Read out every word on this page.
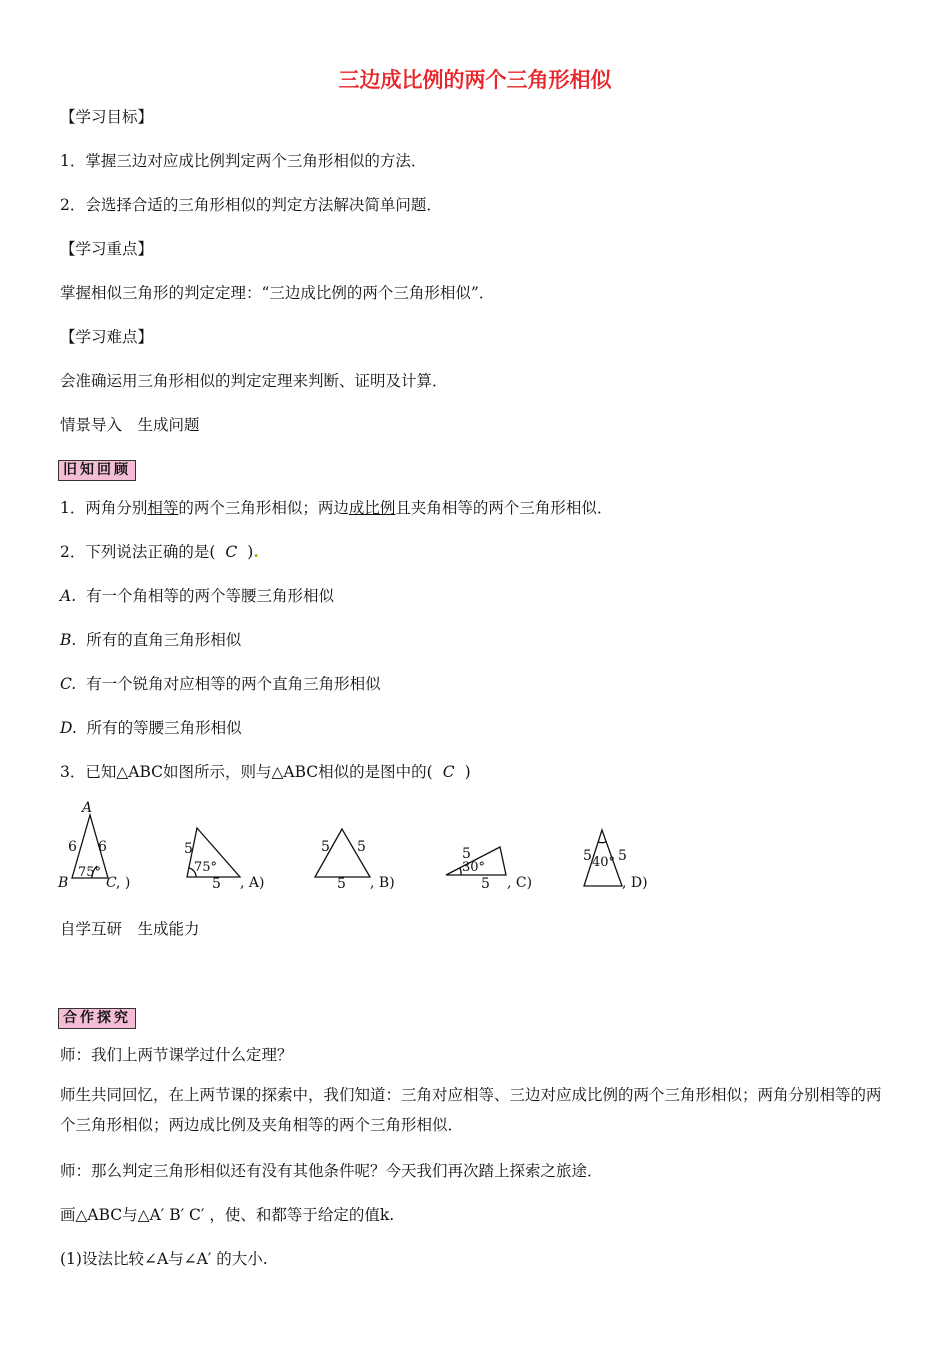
三边成比例的两个三角形相似
【学习目标】
1．掌握三边对应成比例判定两个三角形相似的方法．
2．会选择合适的三角形相似的判定方法解决简单问题．
【学习重点】
掌握相似三角形的判定定理：“三边成比例的两个三角形相似”．
【学习难点】
会准确运用三角形相似的判定定理来判断、证明及计算．
情景导入　生成问题
旧知回顾
1．两角分别相等的两个三角形相似；两边成比例且夹角相等的两个三角形相似．
2．下列说法正确的是( C ).
A. 有一个角相等的两个等腰三角形相似
B. 所有的直角三角形相似
C. 有一个锐角对应相等的两个直角三角形相似
D. 所有的等腰三角形相似
3．已知△ABC如图所示，则与△ABC相似的是图中的( C )
A
B	C , )
6 6
75°
5
5
75°
, A)
5 5
5 , B)
5
5
30°
, C)
5 5
40°
, D)
自学互研　生成能力
合作探究
师：我们上两节课学过什么定理？
师生共同回忆，在上两节课的探索中，我们知道：三角对应相等、三边对应成比例的两个三角形相似；两角分别相等的两个三角形相似；两边成比例及夹角相等的两个三角形相似．
师：那么判定三角形相似还有没有其他条件呢？今天我们再次踏上探索之旅途．
画△ABC与△A′ B′ C′ ，使、和都等于给定的值k.
(1)设法比较∠A与∠A′ 的大小.
